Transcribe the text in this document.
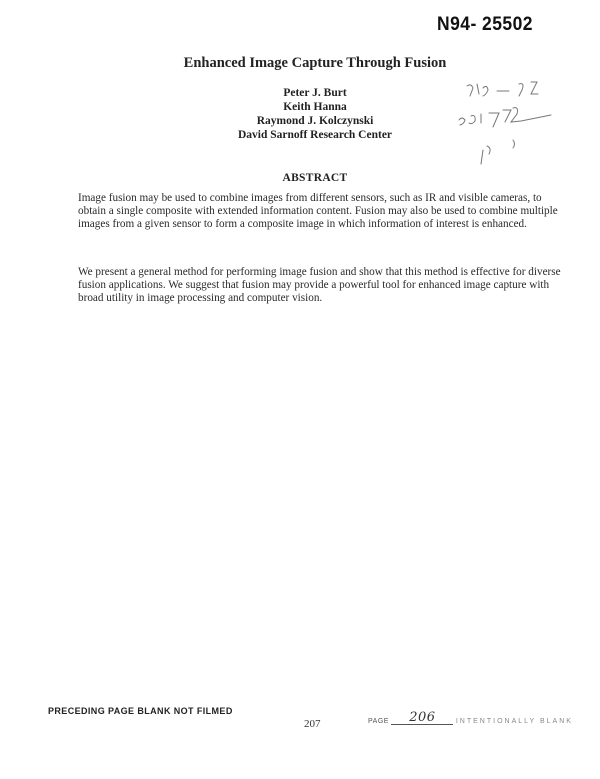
N94- 25502
Enhanced Image Capture Through Fusion
Peter J. Burt
Keith Hanna
Raymond J. Kolczynski
David Sarnoff Research Center
ABSTRACT
Image fusion may be used to combine images from different sensors, such as IR and visible cameras, to obtain a single composite with extended information content. Fusion may also be used to combine multiple images from a given sensor to form a composite image in which information of interest is enhanced.
We present a general method for performing image fusion and show that this method is effective for diverse fusion applications. We suggest that fusion may provide a powerful tool for enhanced image capture with broad utility in image processing and computer vision.
PRECEDING PAGE BLANK NOT FILMED
207	PAGE 206	INTENTIONALLY BLANK
